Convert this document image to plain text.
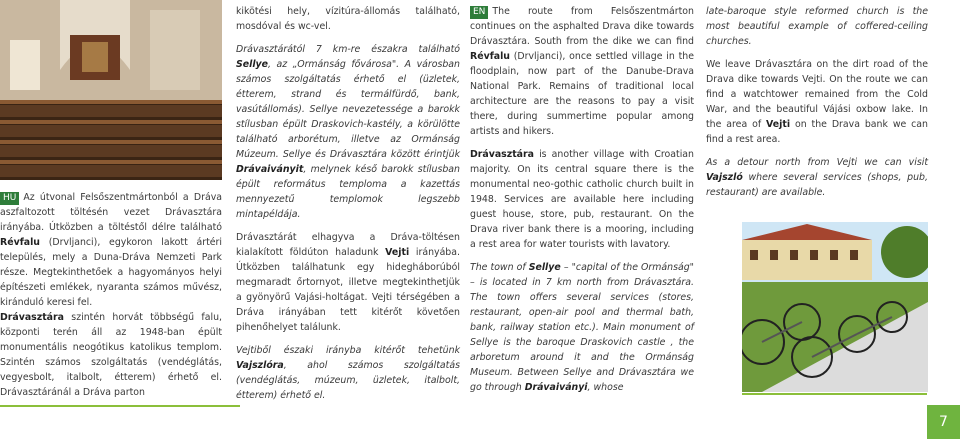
HU Az útvonal Felsőszentmártonból a Dráva aszfaltozott töltésén vezet Drávasztára irányába. Útközben a töltéstől délre található Révfalu (Drvljanci), egykoron lakott ártéri település, mely a Duna-Dráva Nemzeti Park része. Megtekinthetőek a hagyományos helyi építészeti emlékek, nyaranta számos művész, kiránduló keresi fel.

Drávasztára szintén horvát többségű falu, központi terén áll az 1948-ban épült monumentális neogótikus katolikus templom. Szintén számos szolgáltatás (vendéglátás, vegyesbolt, italbolt, étterem) érhető el. Drávasztáránál a Dráva parton

kikötési hely, vízitúra-állomás található, mosdóval és wc-vel.

Drávasztárától 7 km-re északra található Sellye, az „Ormánság fővárosa". A városban számos szolgáltatás érhető el (üzletek, étterem, strand és termálfürdő, bank, vasútállomás). Sellye nevezetessége a barokk stílusban épült Draskovich-kastély, a körülötte található arborétum, illetve az Ormánság Múzeum. Sellye és Drávasztára között érintjük Drávaiványit, melynek késő barokk stílusban épült református temploma a kazettás mennyezetű templomok legszebb mintapéldája.

Drávasztárát elhagyva a Dráva-töltésen kialakított földúton haladunk Vejti irányába. Útközben találhatunk egy hidegháborúból megmaradt őrtornyot, illetve megtekinthetjük a gyönyörű Vajási-holtágat. Vejti térségében a Dráva irányában tett kitérőt követően pihenőhelyet találunk.

Vejtiből északi irányba kitérőt tehetünk Vajszlóra, ahol számos szolgáltatás (vendéglátás, múzeum, üzletek, italbolt, étterem) érhető el.

EN The route from Felsőszentmárton continues on the asphalted Drava dike towards Drávasztára. South from the dike we can find Révfalu (Drvljanci), once settled village in the floodplain, now part of the Danube-Drava National Park. Remains of traditional local architecture are the reasons to pay a visit there, during summertime popular among artists and hikers.

Drávasztára is another village with Croatian majority. On its central square there is the monumental neo-gothic catholic church built in 1948. Services are available here including guest house, store, pub, restaurant. On the Drava river bank there is a mooring, including a rest area for water tourists with lavatory.

The town of Sellye – "capital of the Ormánság" – is located in 7 km north from Drávasztára. The town offers several services (stores, restaurant, open-air pool and thermal bath, bank, railway station etc.). Main monument of Sellye is the baroque Draskovich castle , the arboretum around it and the Ormánság Museum. Between Sellye and Drávasztára we go through Drávaiványi, whose

late-baroque style reformed church is the most beautiful example of coffered-ceiling churches.

We leave Drávasztára on the dirt road of the Drava dike towards Vejti. On the route we can find a watchtower remained from the Cold War, and the beautiful Vájási oxbow lake. In the area of Vejti on the Drava bank we can find a rest area.

As a detour north from Vejti we can visit Vajszló where several services (shops, pub, restaurant) are available.

7
